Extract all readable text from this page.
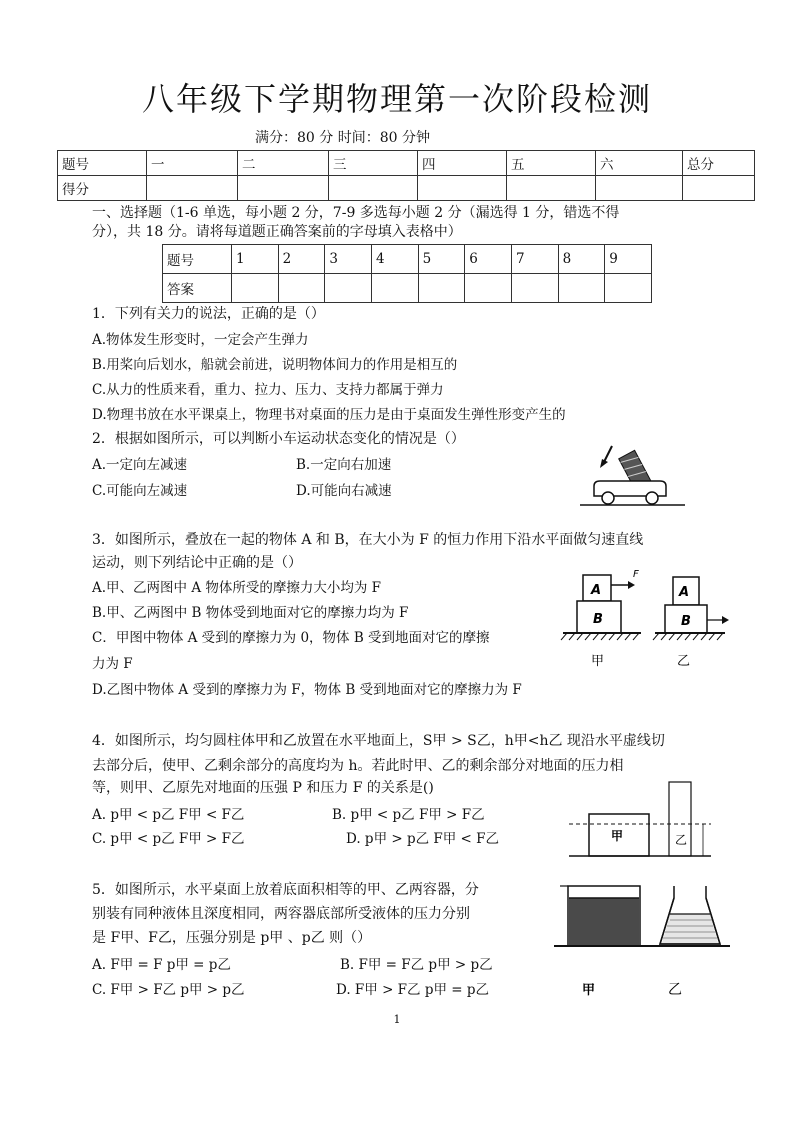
八年级下学期物理第一次阶段检测
满分：80 分 时间：80 分钟
题号	一	二	三	四	五	六	总分
得分							
一、选择题（1-6 单选，每小题 2 分，7-9 多选每小题 2 分（漏选得 1 分，错选不得
分），共 18 分。请将每道题正确答案前的字母填入表格中）
题号	1	2	3	4	5	6	7	8	9
答案									
1．下列有关力的说法，正确的是（）
A.物体发生形变时，一定会产生弹力
B.用桨向后划水，船就会前进，说明物体间力的作用是相互的
C.从力的性质来看，重力、拉力、压力、支持力都属于弹力
D.物理书放在水平课桌上，物理书对桌面的压力是由于桌面发生弹性形变产生的
2．根据如图所示，可以判断小车运动状态变化的情况是（）
A.一定向左减速	B.一定向右加速
C.可能向左减速	D.可能向右减速
3．如图所示，叠放在一起的物体 A 和 B，在大小为 F 的恒力作用下沿水平面做匀速直线
运动，则下列结论中正确的是（）
A.甲、乙两图中 A 物体所受的摩擦力大小均为 F
B.甲、乙两图中 B 物体受到地面对它的摩擦力均为 F
C．甲图中物体 A 受到的摩擦力为 0，物体 B 受到地面对它的摩擦
力为 F
D.乙图中物体 A 受到的摩擦力为 F，物体 B 受到地面对它的摩擦力为 F
A
B
F
甲
A
B
乙
4．如图所示，均匀圆柱体甲和乙放置在水平地面上，S甲 > S乙，h甲<h乙 现沿水平虚线切
去部分后，使甲、乙剩余部分的高度均为 h。若此时甲、乙的剩余部分对地面的压力相
等，则甲、乙原先对地面的压强 P 和压力 F 的关系是()
A. p甲 < p乙 F甲 < F乙	B. p甲 < p乙 F甲 > F乙
C. p甲 < p乙 F甲 > F乙	D. p甲 > p乙 F甲 < F乙	甲	乙
5．如图所示，水平桌面上放着底面积相等的甲、乙两容器，分
别装有同种液体且深度相同，两容器底部所受液体的压力分别
是 F甲、F乙，压强分别是 p甲 、p乙 则（）
A. F甲 = F p甲 = p乙	B. F甲 = F乙 p甲 > p乙
C. F甲 > F乙 p甲 > p乙	D. F甲 > F乙 p甲 = p乙	甲	乙
1
